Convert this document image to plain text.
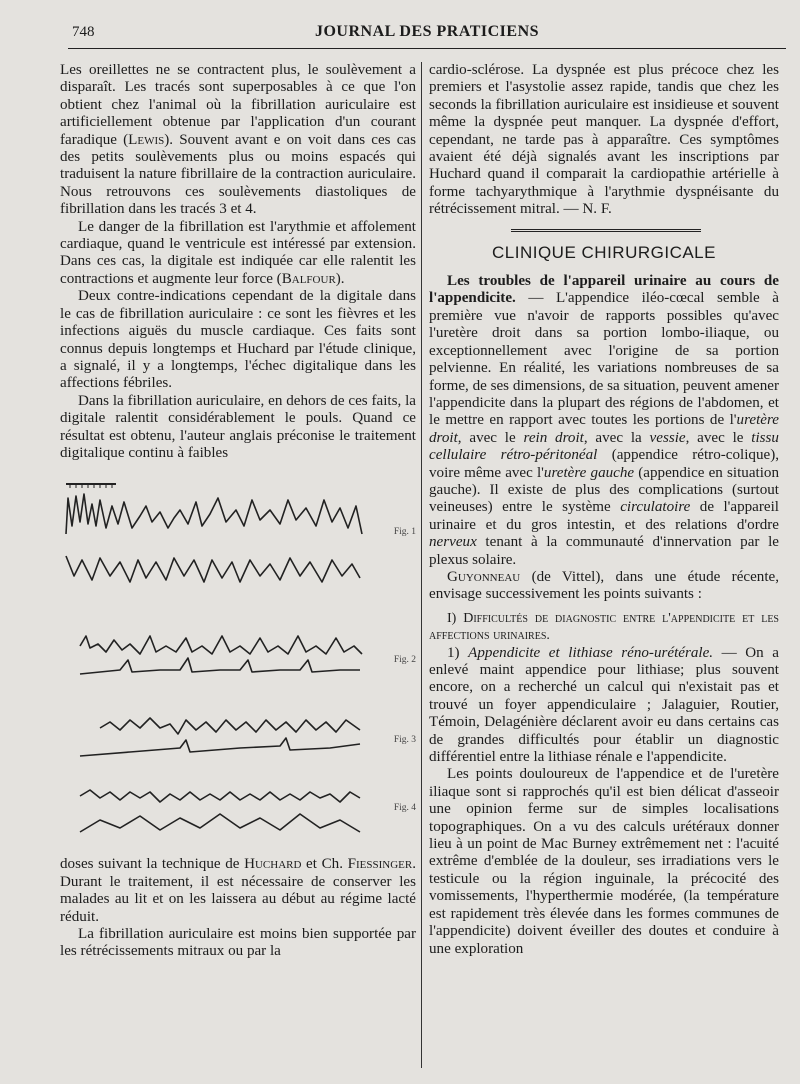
748	JOURNAL DES PRATICIENS

Les oreillettes ne se contractent plus, le soulèvement a disparaît. Les tracés sont superposables à ce que l'on obtient chez l'animal où la fibrillation auriculaire est artificiellement obtenue par l'application d'un courant faradique (Lewis). Souvent avant e on voit dans ces cas des petits soulèvements plus ou moins espacés qui traduisent la nature fibrillaire de la contraction auriculaire. Nous retrouvons ces soulèvements diastoliques de fibrillation dans les tracés 3 et 4.

Le danger de la fibrillation est l'arythmie et affolement cardiaque, quand le ventricule est intéressé par extension. Dans ces cas, la digitale est indiquée car elle ralentit les contractions et augmente leur force (Balfour).

Deux contre-indications cependant de la digitale dans le cas de fibrillation auriculaire : ce sont les fièvres et les infections aiguës du muscle cardiaque. Ces faits sont connus depuis longtemps et Huchard par l'étude clinique, a signalé, il y a longtemps, l'échec digitalique dans les affections fébriles.

Dans la fibrillation auriculaire, en dehors de ces faits, la digitale ralentit considérablement le pouls. Quand ce résultat est obtenu, l'auteur anglais préconise le traitement digitalique continu à faibles

Fig. 1
Fig. 2
Fig. 3
Fig. 4

doses suivant la technique de Huchard et Ch. Fiessinger. Durant le traitement, il est nécessaire de conserver les malades au lit et on les laissera au début au régime lacté réduit.

La fibrillation auriculaire est moins bien supportée par les rétrécissements mitraux ou par la

cardio-sclérose. La dyspnée est plus précoce chez les premiers et l'asystolie assez rapide, tandis que chez les seconds la fibrillation auriculaire est insidieuse et souvent même la dyspnée peut manquer. La dyspnée d'effort, cependant, ne tarde pas à apparaître. Ces symptômes avaient été déjà signalés avant les inscriptions par Huchard quand il comparait la cardiopathie artérielle à forme tachyarythmique à l'arythmie dyspnéisante du rétrécissement mitral. — N. F.

CLINIQUE CHIRURGICALE

Les troubles de l'appareil urinaire au cours de l'appendicite. — L'appendice iléo-cœcal semble à première vue n'avoir de rapports possibles qu'avec l'uretère droit dans sa portion lombo-iliaque, ou exceptionnellement avec l'origine de sa portion pelvienne. En réalité, les variations nombreuses de sa forme, de ses dimensions, de sa situation, peuvent amener l'appendicite dans la plupart des régions de l'abdomen, et le mettre en rapport avec toutes les portions de l'uretère droit, avec le rein droit, avec la vessie, avec le tissu cellulaire rétro-péritonéal (appendice rétro-colique), voire même avec l'uretère gauche (appendice en situation gauche). Il existe de plus des complications (surtout veineuses) entre le système circulatoire de l'appareil urinaire et du gros intestin, et des relations d'ordre nerveux tenant à la communauté d'innervation par le plexus solaire.

Guyonneau (de Vittel), dans une étude récente, envisage successivement les points suivants :

I) Difficultés de diagnostic entre l'appendicite et les affections urinaires.

1) Appendicite et lithiase réno-urétérale. — On a enlevé maint appendice pour lithiase; plus souvent encore, on a recherché un calcul qui n'existait pas et trouvé un foyer appendiculaire ; Jalaguier, Routier, Témoin, Delagénière déclarent avoir eu dans certains cas de grandes difficultés pour établir un diagnostic différentiel entre la lithiase rénale e l'appendicite.

Les points douloureux de l'appendice et de l'uretère iliaque sont si rapprochés qu'il est bien délicat d'asseoir une opinion ferme sur de simples localisations topographiques. On a vu des calculs urétéraux donner lieu à un point de Mac Burney extrêmement net : l'acuité extrême d'emblée de la douleur, ses irradiations vers le testicule ou la région inguinale, la précocité des vomissements, l'hyperthermie modérée, (la température est rapidement très élevée dans les formes communes de l'appendicite) doivent éveiller des doutes et conduire à une exploration
